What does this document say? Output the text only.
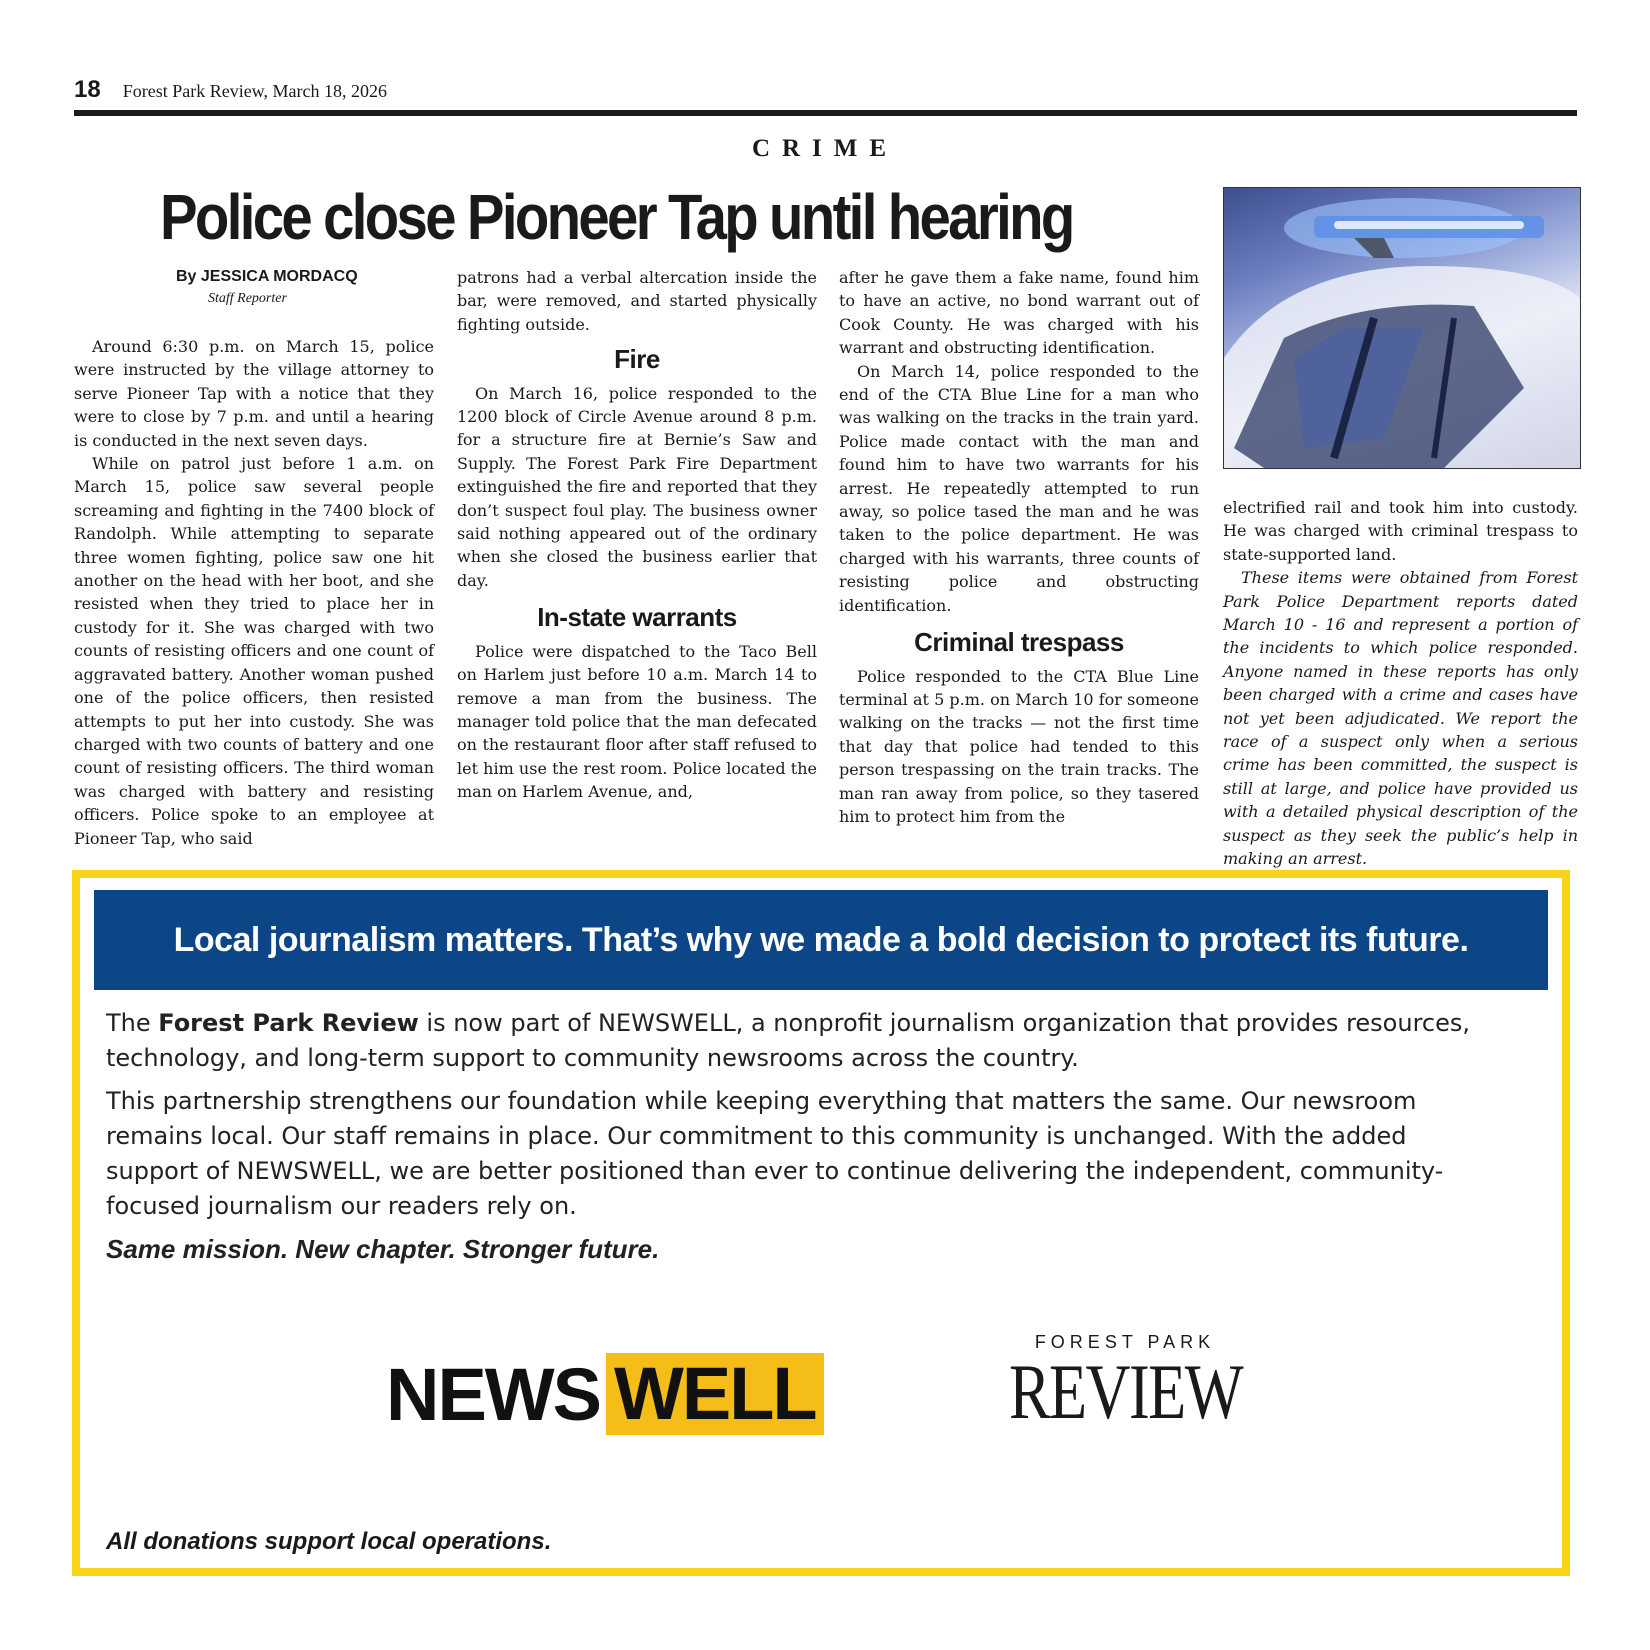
18 Forest Park Review, March 18, 2026
CRIME
Police close Pioneer Tap until hearing
By JESSICA MORDACQ
Staff Reporter

Around 6:30 p.m. on March 15, police were instructed by the village attorney to serve Pioneer Tap with a notice that they were to close by 7 p.m. and until a hearing is conducted in the next seven days.

While on patrol just before 1 a.m. on March 15, police saw several people screaming and fighting in the 7400 block of Randolph. While attempting to separate three women fighting, police saw one hit another on the head with her boot, and she resisted when they tried to place her in custody for it. She was charged with two counts of resisting officers and one count of aggravated battery. Another woman pushed one of the police officers, then resisted attempts to put her into custody. She was charged with two counts of battery and one count of resisting officers. The third woman was charged with battery and resisting officers. Police spoke to an employee at Pioneer Tap, who said

patrons had a verbal altercation inside the bar, were removed, and started physically fighting outside.

Fire

On March 16, police responded to the 1200 block of Circle Avenue around 8 p.m. for a structure fire at Bernie’s Saw and Supply. The Forest Park Fire Department extinguished the fire and reported that they don’t suspect foul play. The business owner said nothing appeared out of the ordinary when she closed the business earlier that day.

In-state warrants

Police were dispatched to the Taco Bell on Harlem just before 10 a.m. March 14 to remove a man from the business. The manager told police that the man defecated on the restaurant floor after staff refused to let him use the rest room. Police located the man on Harlem Avenue, and,

after he gave them a fake name, found him to have an active, no bond warrant out of Cook County. He was charged with his warrant and obstructing identification.

On March 14, police responded to the end of the CTA Blue Line for a man who was walking on the tracks in the train yard. Police made contact with the man and found him to have two warrants for his arrest. He repeatedly attempted to run away, so police tased the man and he was taken to the police department. He was charged with his warrants, three counts of resisting police and obstructing identification.

Criminal trespass

Police responded to the CTA Blue Line terminal at 5 p.m. on March 10 for someone walking on the tracks — not the first time that day that police had tended to this person trespassing on the train tracks. The man ran away from police, so they tasered him to protect him from the

electrified rail and took him into custody. He was charged with criminal trespass to state-supported land.

These items were obtained from Forest Park Police Department reports dated March 10 - 16 and represent a portion of the incidents to which police responded. Anyone named in these reports has only been charged with a crime and cases have not yet been adjudicated. We report the race of a suspect only when a serious crime has been committed, the suspect is still at large, and police have provided us with a detailed physical description of the suspect as they seek the public’s help in making an arrest.

Local journalism matters. That’s why we made a bold decision to protect its future.

The Forest Park Review is now part of NEWSWELL, a nonprofit journalism organization that provides resources, technology, and long-term support to community newsrooms across the country.

This partnership strengthens our foundation while keeping everything that matters the same. Our newsroom remains local. Our staff remains in place. Our commitment to this community is unchanged. With the added support of NEWSWELL, we are better positioned than ever to continue delivering the independent, community-focused journalism our readers rely on.

Same mission. New chapter. Stronger future.
NEWS WELL
FOREST PARK
REVIEW
All donations support local operations.
